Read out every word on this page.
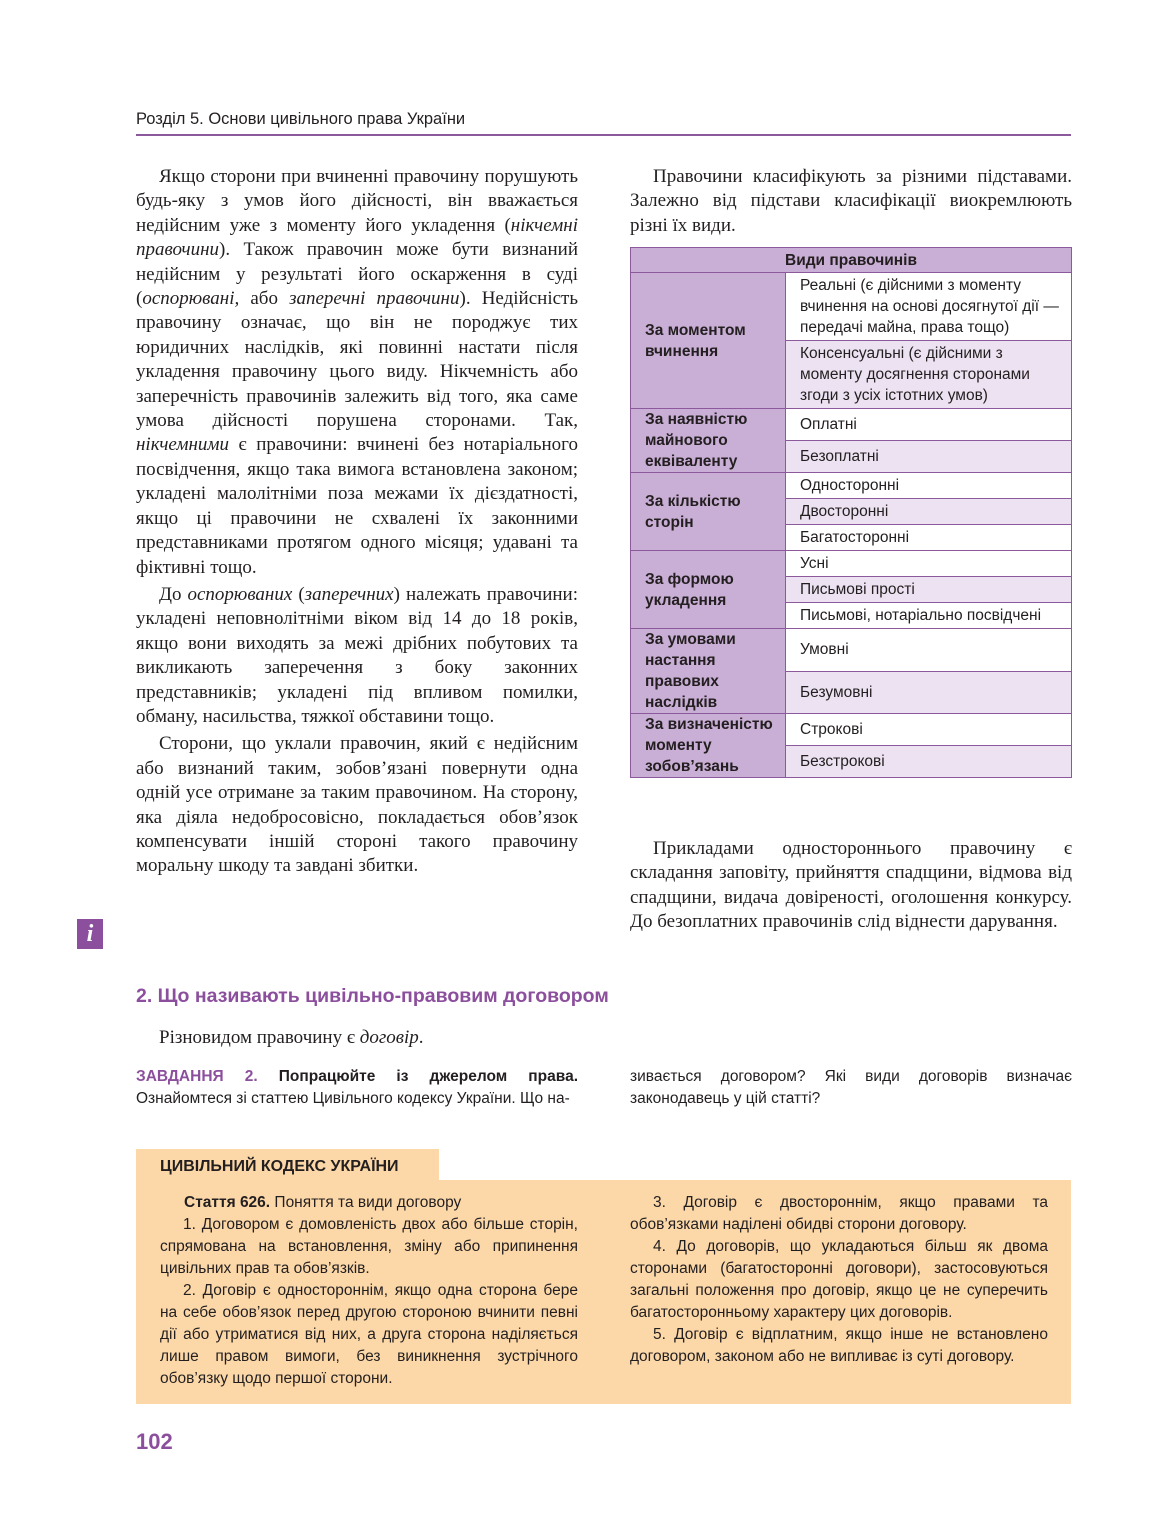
Розділ 5. Основи цивільного права України

Якщо сторони при вчиненні правочину порушують будь-яку з умов його дійсності, він вважається недійсним уже з моменту його укладення (нікчемні правочини). Також правочин може бути визнаний недійсним у результаті його оскарження в суді (оспорювані, або заперечні правочини). Недійсність правочину означає, що він не породжує тих юридичних наслідків, які повинні настати після укладення правочину цього виду. Нікчемність або заперечність правочинів залежить від того, яка саме умова дійсності порушена сторонами. Так, нікчемними є правочини: вчинені без нотаріального посвідчення, якщо така вимога встановлена законом; укладені малолітніми поза межами їх дієздатності, якщо ці правочини не схвалені їх законними представниками протягом одного місяця; удавані та фіктивні тощо.

До оспорюваних (заперечних) належать правочини: укладені неповнолітніми віком від 14 до 18 років, якщо вони виходять за межі дрібних побутових та викликають заперечення з боку законних представників; укладені під впливом помилки, обману, насильства, тяжкої обставини тощо.

Сторони, що уклали правочин, який є недійсним або визнаний таким, зобов’язані повернути одна одній усе отримане за таким правочином. На сторону, яка діяла недобросовісно, покладається обов’язок компенсувати іншій стороні такого правочину моральну шкоду та завдані збитки.

Правочини класифікують за різними підставами. Залежно від підстави класифікації виокремлюють різні їх види.

Види правочинів	
За моментом вчинення	Реальні (є дійсними з моменту вчинення на основі досягнутої дії — передачі майна, права тощо)
	Консенсуальні (є дійсними з моменту досягнення сторонами згоди з усіх істотних умов)
За наявністю майнового еквіваленту	Оплатні
	Безоплатні
За кількістю сторін	Односторонні
	Двосторонні
	Багатосторонні
За формою укладення	Усні
	Письмові прості
	Письмові, нотаріально посвідчені
За умовами настання правових наслідків	Умовні
	Безумовні
За визначеністю моменту зобов’язань	Строкові
	Безстрокові

Прикладами одностороннього правочину є складання заповіту, прийняття спадщини, відмова від спадщини, видача довіреності, оголошення конкурсу. До безоплатних правочинів слід віднести дарування.

i
2. Що називають цивільно-правовим договором
Різновидом правочину є договір.
ЗАВДАННЯ 2. Попрацюйте із джерелом права. Ознайомтеся зі статтею Цивільного кодексу України. Що на-
зивається договором? Які види договорів визначає законодавець у цій статті?
ЦИВІЛЬНИЙ КОДЕКС УКРАЇНИ

Стаття 626. Поняття та види договору

1. Договором є домовленість двох або більше сторін, спрямована на встановлення, зміну або припинення цивільних прав та обов’язків.

2. Договір є одностороннім, якщо одна сторона бере на себе обов’язок перед другою стороною вчинити певні дії або утриматися від них, а друга сторона наділяється лише правом вимоги, без виникнення зустрічного обов’язку щодо першої сторони.

3. Договір є двостороннім, якщо правами та обов’язками наділені обидві сторони договору.

4. До договорів, що укладаються більш як двома сторонами (багатосторонні договори), застосовуються загальні положення про договір, якщо це не суперечить багатосторонньому характеру цих договорів.

5. Договір є відплатним, якщо інше не встановлено договором, законом або не випливає із суті договору.

102
